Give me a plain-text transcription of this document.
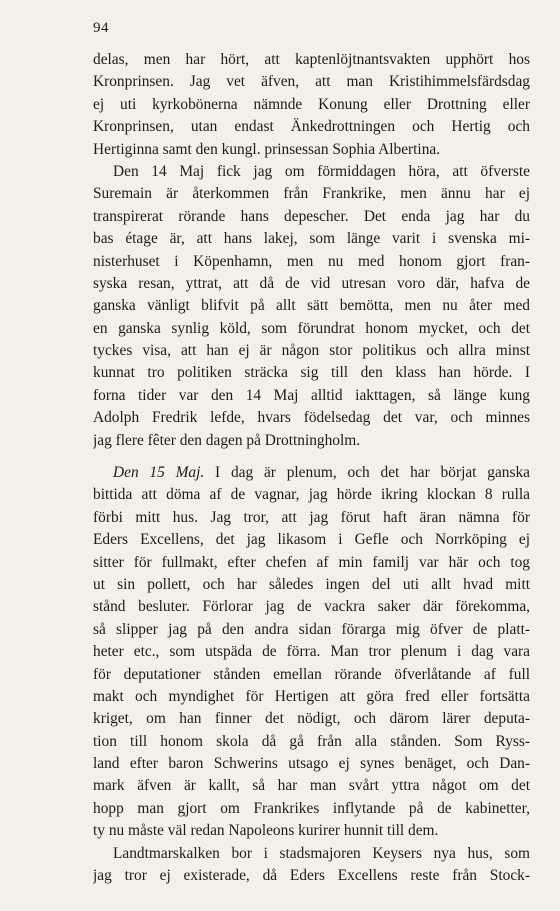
94
delas, men har hört, att kaptenlöjtnantsvakten upphört hos
Kronprinsen. Jag vet äfven, att man Kristihimmelsfärdsdag
ej uti kyrkobönerna nämnde Konung eller Drottning eller
Kronprinsen, utan endast Änkedrottningen och Hertig och
Hertiginna samt den kungl. prinsessan Sophia Albertina.
Den 14 Maj fick jag om förmiddagen höra, att öfverste
Suremain är återkommen från Frankrike, men ännu har ej
transpirerat rörande hans depescher. Det enda jag har du
bas étage är, att hans lakej, som länge varit i svenska mi-
nisterhuset i Köpenhamn, men nu med honom gjort fran-
syska resan, yttrat, att då de vid utresan voro där, hafva de
ganska vänligt blifvit på allt sätt bemötta, men nu åter med
en ganska synlig köld, som förundrat honom mycket, och det
tyckes visa, att han ej är någon stor politikus och allra minst
kunnat tro politiken sträcka sig till den klass han hörde. I
forna tider var den 14 Maj alltid iakttagen, så länge kung
Adolph Fredrik lefde, hvars födelsedag det var, och minnes
jag flere fêter den dagen på Drottningholm.
Den 15 Maj. I dag är plenum, och det har börjat ganska
bittida att döma af de vagnar, jag hörde ikring klockan 8 rulla
förbi mitt hus. Jag tror, att jag förut haft äran nämna för
Eders Excellens, det jag likasom i Gefle och Norrköping ej
sitter för fullmakt, efter chefen af min familj var här och tog
ut sin pollett, och har således ingen del uti allt hvad mitt
stånd besluter. Förlorar jag de vackra saker där förekomma,
så slipper jag på den andra sidan förarga mig öfver de platt-
heter etc., som utspäda de förra. Man tror plenum i dag vara
för deputationer stånden emellan rörande öfverlåtande af full
makt och myndighet för Hertigen att göra fred eller fortsätta
kriget, om han finner det nödigt, och därom lärer deputa-
tion till honom skola då gå från alla stånden. Som Ryss-
land efter baron Schwerins utsago ej synes benäget, och Dan-
mark äfven är kallt, så har man svårt yttra något om det
hopp man gjort om Frankrikes inflytande på de kabinetter,
ty nu måste väl redan Napoleons kurirer hunnit till dem.
Landtmarskalken bor i stadsmajoren Keysers nya hus, som
jag tror ej existerade, då Eders Excellens reste från Stock-
